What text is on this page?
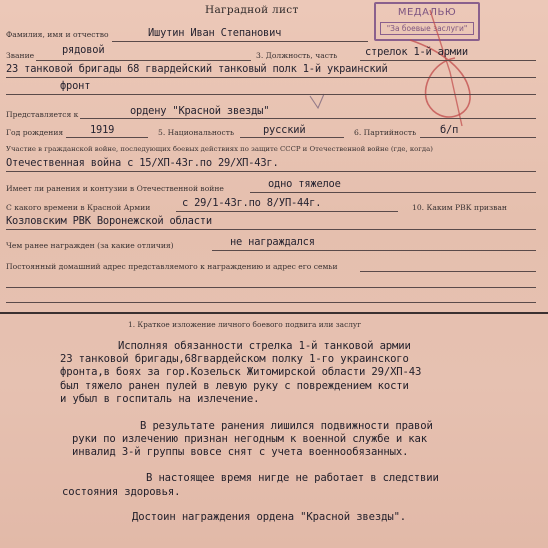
Наградной лист	МЕДАЛЬЮ
"За боевые заслуги"
Фамилия, имя и отчество	Ишутин Иван Степанович
Звание	рядовой	3. Должность, часть	стрелок 1-й армии
23 танковой бригады 68 гвардейский танковый полк 1-й украинский
фронт
Представляется к	ордену "Красной звезды"
Год рождения	1919	5. Национальность	русский	6. Партийность б/п
Участие в гражданской войне, последующих боевых действиях по защите СССР и Отечественной войне (где, когда)
Отечественная война с 15/ХП-43г.по 29/ХП-43г.
Имеет ли ранения и контузии в Отечественной войне	одно тяжелое
С какого времени в Красной Армии	с 29/1-43г.по 8/УП-44г.	10. Каким РВК призван
Козловским РВК Воронежской области
Чем ранее награжден (за какие отличия)	не награждался
Постоянный домашний адрес представляемого к награждению и адрес его семьи
1. Краткое изложение личного боевого подвига или заслуг
Исполняя обязанности стрелка 1-й танковой армии
23 танковой бригады,68гвардейском полку 1-го украинского
фронта,в боях за гор.Козельск Житомирской области 29/ХП-43
был тяжело ранен пулей в левую руку с повреждением кости
и убыл в госпиталь на излечение.
В результате ранения лишился подвижности правой
руки по излечению признан негодным к военной службе и как
инвалид 3-й группы вовсе снят с учета военнообязанных.
В настоящее время нигде не работает в следствии
состояния здоровья.
Достоин награждения ордена "Красной звезды".
